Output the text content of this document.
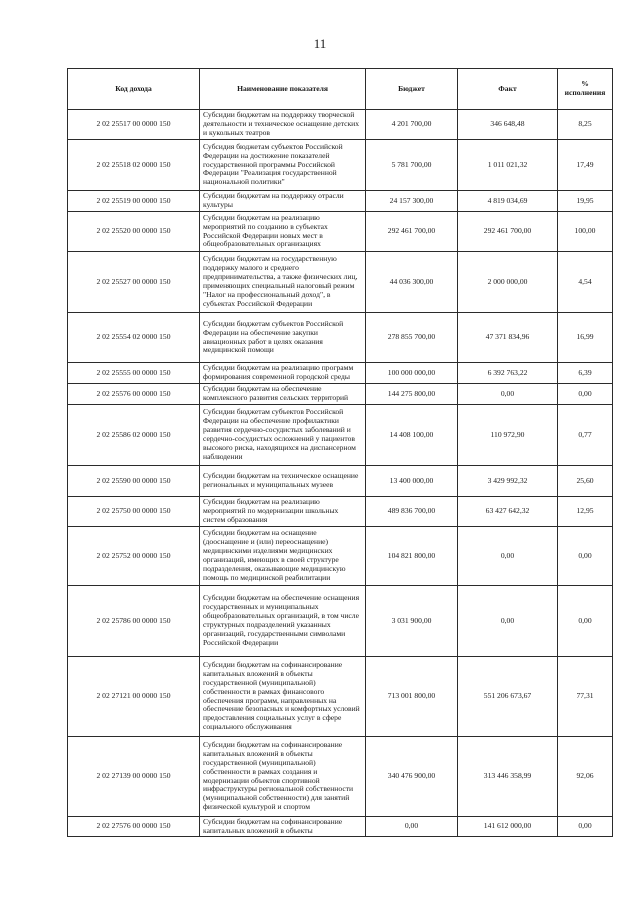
11
Код дохода	Наименование показателя	Бюджет	Факт	% исполнения
2 02 25517 00 0000 150	Субсидии бюджетам на поддержку творческой деятельности и техническое оснащение детских и кукольных театров	4 201 700,00	346 648,48	8,25
2 02 25518 02 0000 150	Субсидия бюджетам субъектов Российской Федерации на достижение показателей государственной программы Российской Федерации "Реализация государственной национальной политики"	5 781 700,00	1 011 021,32	17,49
2 02 25519 00 0000 150	Субсидии бюджетам на поддержку отрасли культуры	24 157 300,00	4 819 034,69	19,95
2 02 25520 00 0000 150	Субсидии бюджетам на реализацию мероприятий по созданию в субъектах Российской Федерации новых мест в общеобразовательных организациях	292 461 700,00	292 461 700,00	100,00
2 02 25527 00 0000 150	Субсидии бюджетам на государственную поддержку малого и среднего предпринимательства, а также физических лиц, применяющих специальный налоговый режим "Налог на профессиональный доход", в субъектах Российской Федерации	44 036 300,00	2 000 000,00	4,54
2 02 25554 02 0000 150	Субсидии бюджетам субъектов Российской Федерации на обеспечение закупки авиационных работ в целях оказания медицинской помощи	278 855 700,00	47 371 834,96	16,99
2 02 25555 00 0000 150	Субсидии бюджетам на реализацию программ формирования современной городской среды	100 000 000,00	6 392 763,22	6,39
2 02 25576 00 0000 150	Субсидии бюджетам на обеспечение комплексного развития сельских территорий	144 275 800,00	0,00	0,00
2 02 25586 02 0000 150	Субсидии бюджетам субъектов Российской Федерации на обеспечение профилактики развития сердечно-сосудистых заболеваний и сердечно-сосудистых осложнений у пациентов высокого риска, находящихся на диспансерном наблюдении	14 408 100,00	110 972,90	0,77
2 02 25590 00 0000 150	Субсидии бюджетам на техническое оснащение региональных и муниципальных музеев	13 400 000,00	3 429 992,32	25,60
2 02 25750 00 0000 150	Субсидии бюджетам на реализацию мероприятий по модернизации школьных систем образования	489 836 700,00	63 427 642,32	12,95
2 02 25752 00 0000 150	Субсидии бюджетам на оснащение (дооснащение и (или) переоснащение) медицинскими изделиями медицинских организаций, имеющих в своей структуре подразделения, оказывающие медицинскую помощь по медицинской реабилитации	104 821 800,00	0,00	0,00
2 02 25786 00 0000 150	Субсидии бюджетам на обеспечение оснащения государственных и муниципальных общеобразовательных организаций, в том числе структурных подразделений указанных организаций, государственными символами Российской Федерации	3 031 900,00	0,00	0,00
2 02 27121 00 0000 150	Субсидии бюджетам на софинансирование капитальных вложений в объекты государственной (муниципальной) собственности в рамках финансового обеспечения программ, направленных на обеспечение безопасных и комфортных условий предоставления социальных услуг в сфере социального обслуживания	713 001 800,00	551 206 673,67	77,31
2 02 27139 00 0000 150	Субсидии бюджетам на софинансирование капитальных вложений в объекты государственной (муниципальной) собственности в рамках создания и модернизации объектов спортивной инфраструктуры региональной собственности (муниципальной собственности) для занятий физической культурой и спортом	340 476 900,00	313 446 358,99	92,06
2 02 27576 00 0000 150	Субсидии бюджетам на софинансирование капитальных вложений в объекты	0,00	141 612 000,00	0,00
